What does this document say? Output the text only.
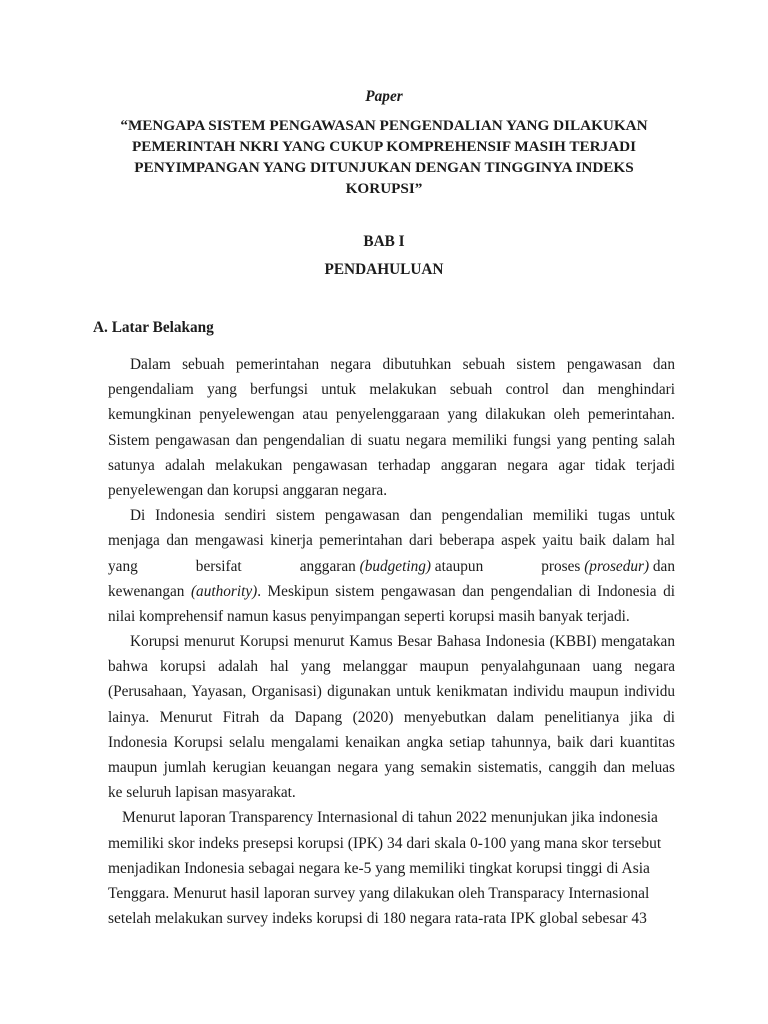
Paper
“MENGAPA SISTEM PENGAWASAN PENGENDALIAN YANG DILAKUKAN
PEMERINTAH NKRI YANG CUKUP KOMPREHENSIF MASIH TERJADI
PENYIMPANGAN YANG DITUNJUKAN DENGAN TINGGINYA INDEKS
KORUPSI”
BAB I
PENDAHULUAN
A. Latar Belakang
Dalam sebuah pemerintahan negara dibutuhkan sebuah sistem pengawasan dan
pengendaliam yang berfungsi untuk melakukan sebuah control dan menghindari
kemungkinan penyelewengan atau penyelenggaraan yang dilakukan oleh pemerintahan.
Sistem pengawasan dan pengendalian di suatu negara memiliki fungsi yang penting salah
satunya adalah melakukan pengawasan terhadap anggaran negara agar tidak terjadi
penyelewengan dan korupsi anggaran negara.
Di Indonesia sendiri sistem pengawasan dan pengendalian memiliki tugas untuk
menjaga dan mengawasi kinerja pemerintahan dari beberapa aspek yaitu baik dalam hal
yang	bersifat	anggaran (budgeting) ataupun	proses (prosedur) dan
kewenangan (authority). Meskipun sistem pengawasan dan pengendalian di Indonesia di
nilai komprehensif namun kasus penyimpangan seperti korupsi masih banyak terjadi.
Korupsi menurut Korupsi menurut Kamus Besar Bahasa Indonesia (KBBI) mengatakan
bahwa korupsi adalah hal yang melanggar maupun penyalahgunaan uang negara
(Perusahaan, Yayasan, Organisasi) digunakan untuk kenikmatan individu maupun individu
lainya. Menurut Fitrah da Dapang (2020) menyebutkan dalam penelitianya jika di
Indonesia Korupsi selalu mengalami kenaikan angka setiap tahunnya, baik dari kuantitas
maupun jumlah kerugian keuangan negara yang semakin sistematis, canggih dan meluas
ke seluruh lapisan masyarakat.
Menurut laporan Transparency Internasional di tahun 2022 menunjukan jika indonesia
memiliki skor indeks presepsi korupsi (IPK) 34 dari skala 0-100 yang mana skor tersebut
menjadikan Indonesia sebagai negara ke-5 yang memiliki tingkat korupsi tinggi di Asia
Tenggara. Menurut hasil laporan survey yang dilakukan oleh Transparacy Internasional
setelah melakukan survey indeks korupsi di 180 negara rata-rata IPK global sebesar 43
